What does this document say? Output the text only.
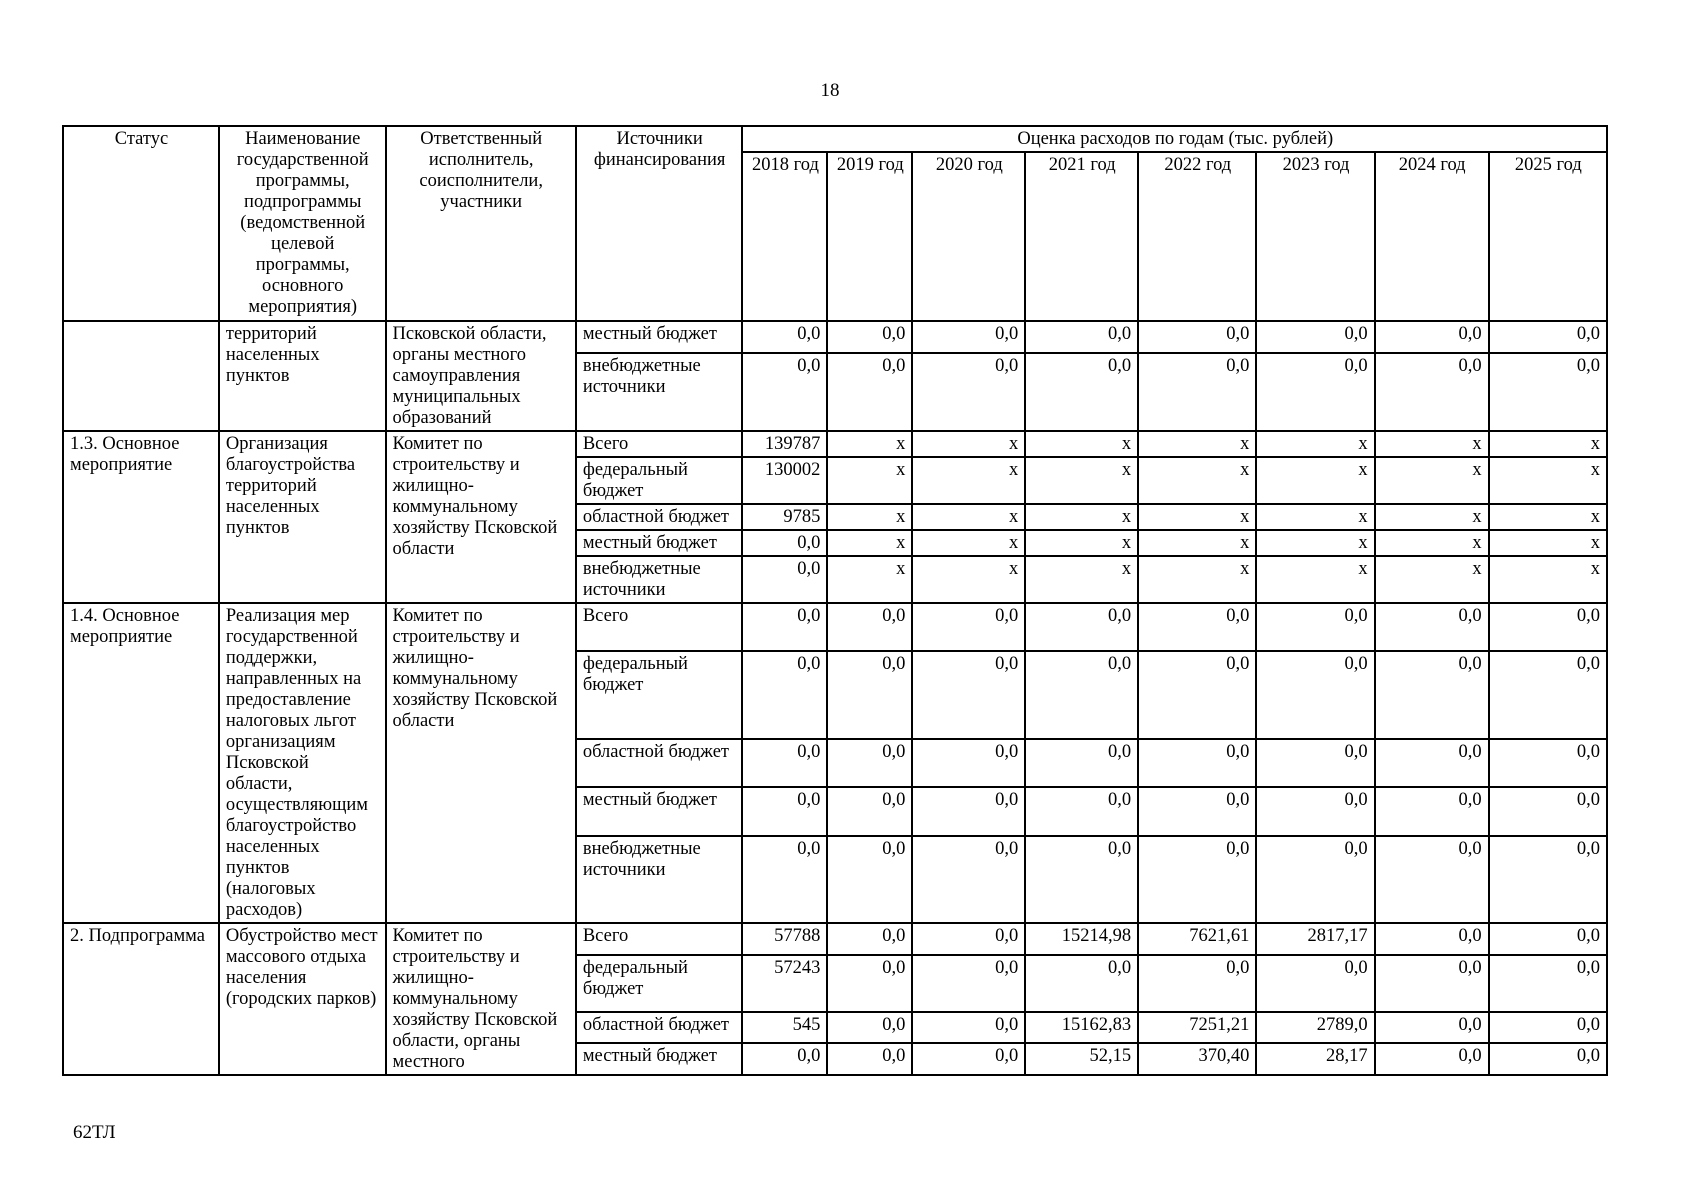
18
Статус	Наименование государственной программы, подпрограммы (ведомственной целевой программы, основного мероприятия)	Ответственный исполнитель, соисполнители, участники	Источники финансирования	Оценка расходов по годам (тыс. рублей)							
				2018 год	2019 год	2020 год	2021 год	2022 год	2023 год	2024 год	2025 год
	территорий населенных пунктов	Псковской области, органы местного самоуправления муниципальных образований	местный бюджет	0,0	0,0	0,0	0,0	0,0	0,0	0,0	0,0
			внебюджетные источники	0,0	0,0	0,0	0,0	0,0	0,0	0,0	0,0
1.3. Основное мероприятие	Организация благоустройства территорий населенных пунктов	Комитет по строительству и жилищно-коммунальному хозяйству Псковской области	Всего	139787	x	x	x	x	x	x	x
			федеральный бюджет	130002	x	x	x	x	x	x	x
			областной бюджет	9785	x	x	x	x	x	x	x
			местный бюджет	0,0	x	x	x	x	x	x	x
			внебюджетные источники	0,0	x	x	x	x	x	x	x
1.4. Основное мероприятие	Реализация мер государственной поддержки, направленных на предоставление налоговых льгот организациям Псковской области, осуществляющим благоустройство населенных пунктов (налоговых расходов)	Комитет по строительству и жилищно-коммунальному хозяйству Псковской области	Всего	0,0	0,0	0,0	0,0	0,0	0,0	0,0	0,0
			федеральный бюджет	0,0	0,0	0,0	0,0	0,0	0,0	0,0	0,0
			областной бюджет	0,0	0,0	0,0	0,0	0,0	0,0	0,0	0,0
			местный бюджет	0,0	0,0	0,0	0,0	0,0	0,0	0,0	0,0
			внебюджетные источники	0,0	0,0	0,0	0,0	0,0	0,0	0,0	0,0
2. Подпрограмма	Обустройство мест массового отдыха населения (городских парков)	Комитет по строительству и жилищно-коммунальному хозяйству Псковской области, органы местного	Всего	57788	0,0	0,0	15214,98	7621,61	2817,17	0,0	0,0
			федеральный бюджет	57243	0,0	0,0	0,0	0,0	0,0	0,0	0,0
			областной бюджет	545	0,0	0,0	15162,83	7251,21	2789,0	0,0	0,0
			местный бюджет	0,0	0,0	0,0	52,15	370,40	28,17	0,0	0,0
62ТЛ
